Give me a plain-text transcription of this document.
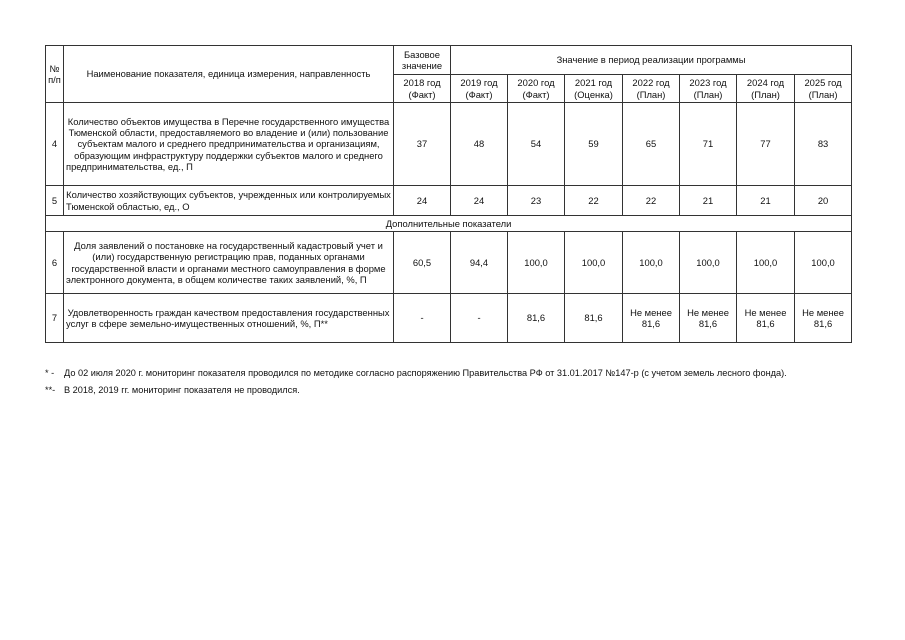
№ п/п	Наименование показателя, единица измерения, направленность	Базовое значение	Значение в период реализации программы						
		2018 год (Факт)	2019 год (Факт)	2020 год (Факт)	2021 год (Оценка)	2022 год (План)	2023 год (План)	2024 год (План)	2025 год (План)
4	Количество объектов имущества в Перечне государственного имущества Тюменской области, предоставляемого во владение и (или) пользование субъектам малого и среднего предпринимательства и организациям, образующим инфраструктуру поддержки субъектов малого и среднего предпринимательства, ед., П	37	48	54	59	65	71	77	83
5	Количество хозяйствующих субъектов, учрежденных или контролируемых Тюменской областью, ед., О	24	24	23	22	22	21	21	20
Дополнительные показатели									
6	Доля заявлений о постановке на государственный кадастровый учет и (или) государственную регистрацию прав, поданных органами государственной власти и органами местного самоуправления в форме электронного документа, в общем количестве таких заявлений, %, П	60,5	94,4	100,0	100,0	100,0	100,0	100,0	100,0
7	Удовлетворенность граждан качеством предоставления государственных услуг в сфере земельно-имущественных отношений, %, П**	-	-	81,6	81,6	Не менее 81,6	Не менее 81,6	Не менее 81,6	Не менее 81,6
* -	До 02 июля 2020 г. мониторинг показателя проводился по методике согласно распоряжению Правительства РФ от 31.01.2017 №147-р (с учетом земель лесного фонда).
**- В 2018, 2019 гг. мониторинг показателя не проводился.
